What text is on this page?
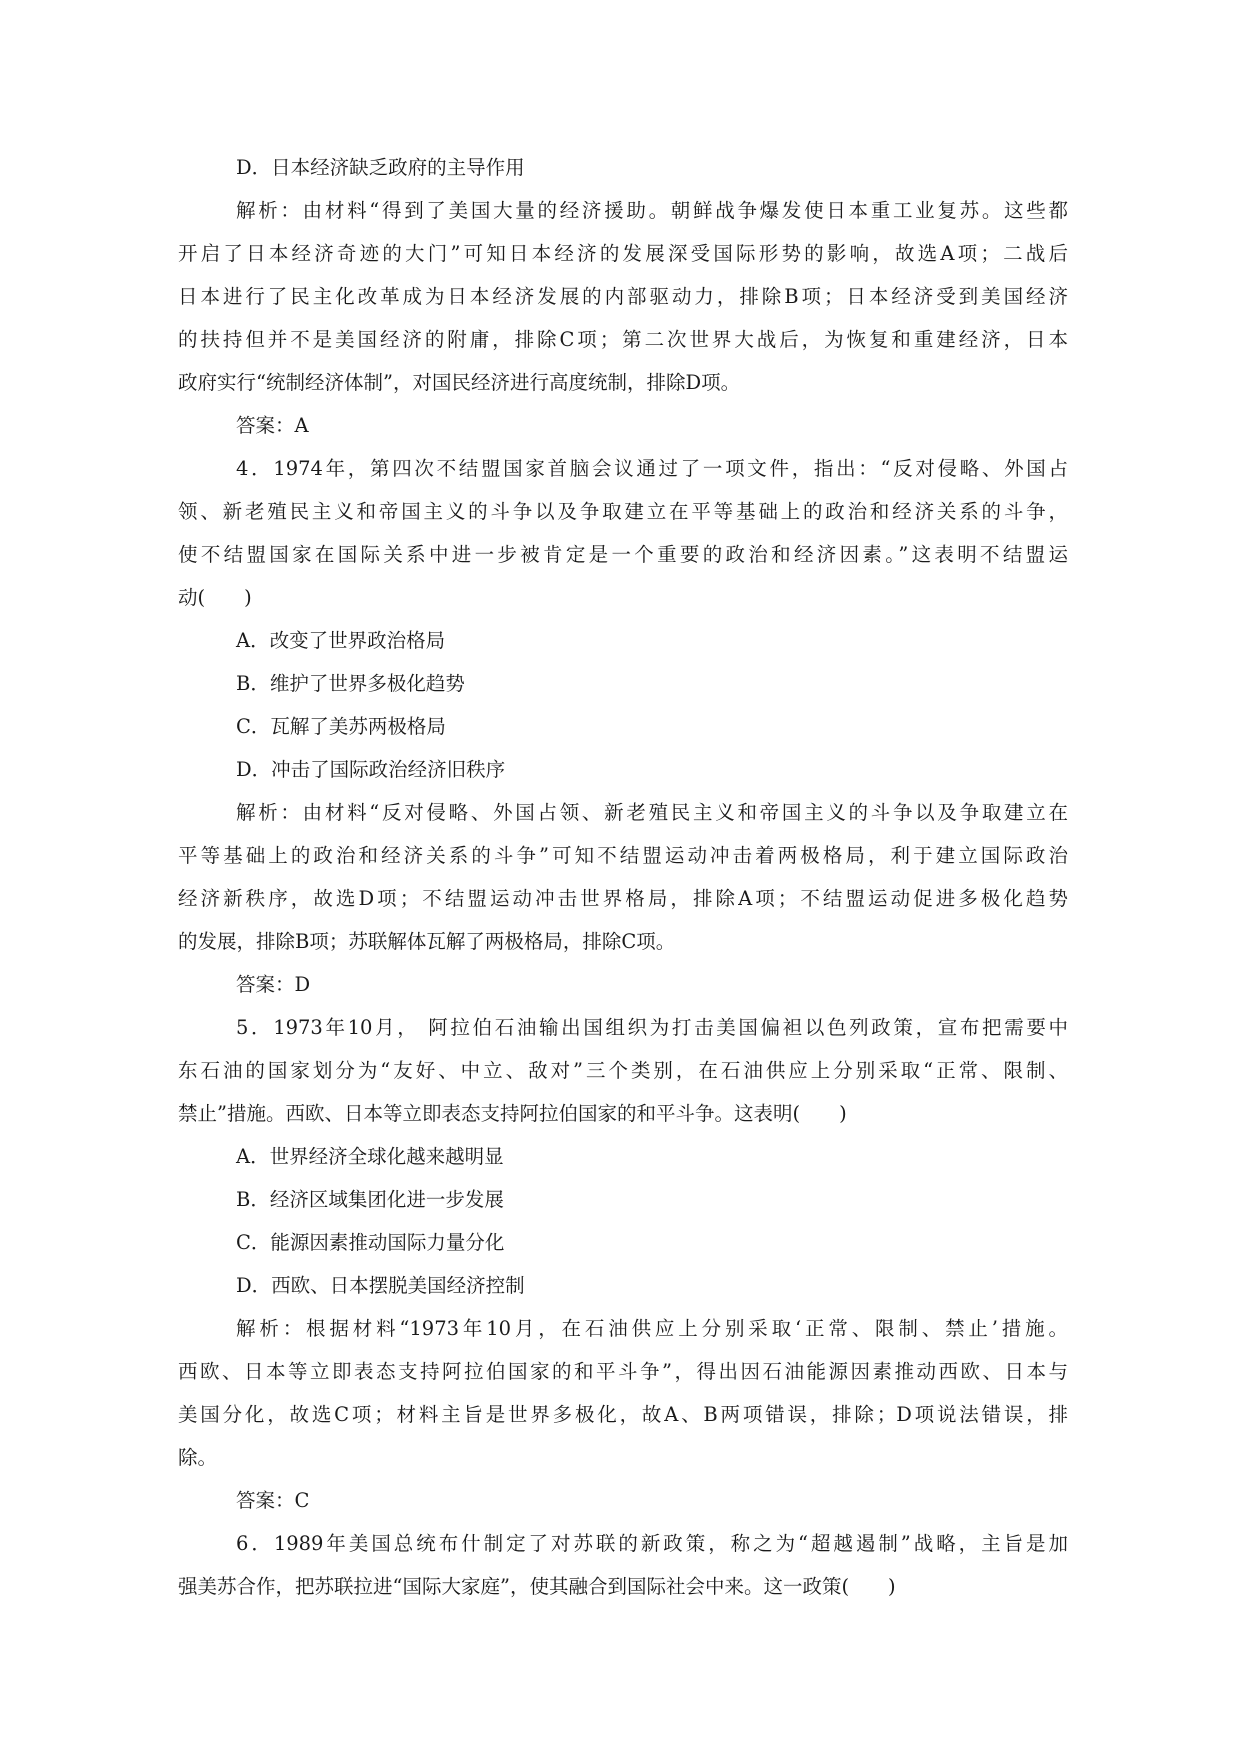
D．日本经济缺乏政府的主导作用
解析：由材料“得到了美国大量的经济援助。朝鲜战争爆发使日本重工业复苏。这些都
开启了日本经济奇迹的大门”可知日本经济的发展深受国际形势的影响，故选A项；二战后
日本进行了民主化改革成为日本经济发展的内部驱动力，排除B项；日本经济受到美国经济
的扶持但并不是美国经济的附庸，排除C项；第二次世界大战后，为恢复和重建经济，日本
政府实行“统制经济体制”，对国民经济进行高度统制，排除D项。
答案：A
4．1974年，第四次不结盟国家首脑会议通过了一项文件，指出：“反对侵略、外国占
领、新老殖民主义和帝国主义的斗争以及争取建立在平等基础上的政治和经济关系的斗争，
使不结盟国家在国际关系中进一步被肯定是一个重要的政治和经济因素。”这表明不结盟运
动(　　)
A．改变了世界政治格局
B．维护了世界多极化趋势
C．瓦解了美苏两极格局
D．冲击了国际政治经济旧秩序
解析：由材料“反对侵略、外国占领、新老殖民主义和帝国主义的斗争以及争取建立在
平等基础上的政治和经济关系的斗争”可知不结盟运动冲击着两极格局，利于建立国际政治
经济新秩序，故选D项；不结盟运动冲击世界格局，排除A项；不结盟运动促进多极化趋势
的发展，排除B项；苏联解体瓦解了两极格局，排除C项。
答案：D
5．1973年10月， 阿拉伯石油输出国组织为打击美国偏袒以色列政策，宣布把需要中
东石油的国家划分为“友好、中立、敌对”三个类别，在石油供应上分别采取“正常、限制、
禁止”措施。西欧、日本等立即表态支持阿拉伯国家的和平斗争。这表明(　　)
A．世界经济全球化越来越明显
B．经济区域集团化进一步发展
C．能源因素推动国际力量分化
D．西欧、日本摆脱美国经济控制
解析：根据材料“1973年10月，在石油供应上分别采取‘正常、限制、禁止’措施。
西欧、日本等立即表态支持阿拉伯国家的和平斗争”，得出因石油能源因素推动西欧、日本与
美国分化，故选C项；材料主旨是世界多极化，故A、B两项错误，排除；D项说法错误，排
除。
答案：C
6．1989年美国总统布什制定了对苏联的新政策，称之为“超越遏制”战略，主旨是加
强美苏合作，把苏联拉进“国际大家庭”，使其融合到国际社会中来。这一政策(　　)
